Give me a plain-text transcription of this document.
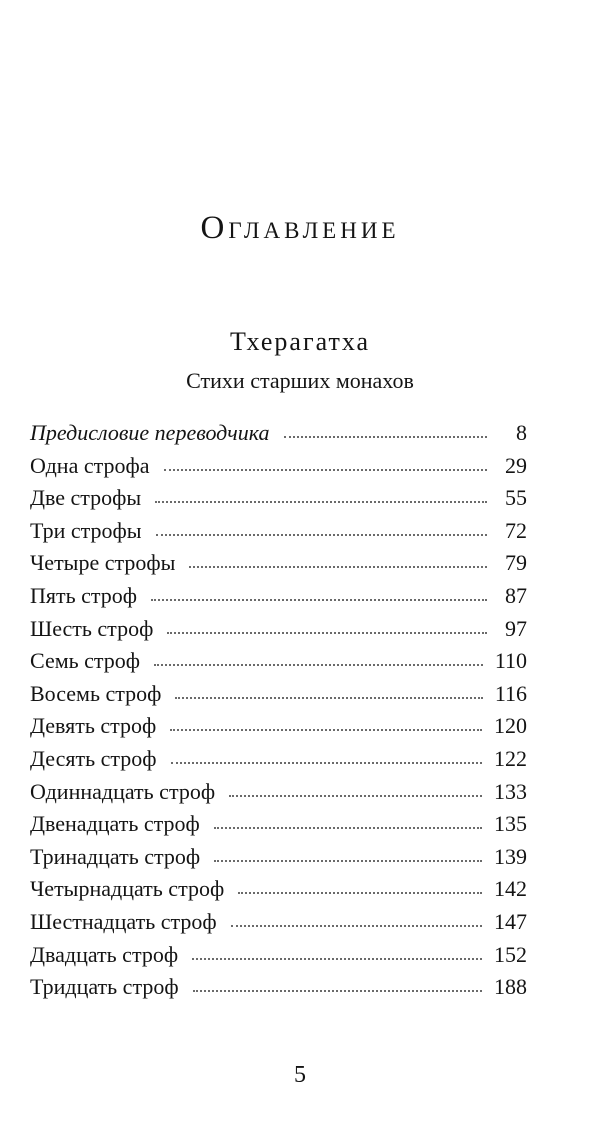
Оглавление
Тхерагатха
Стихи старших монахов
Предисловие переводчика	8
Одна строфа	29
Две строфы	55
Три строфы	72
Четыре строфы	79
Пять строф	87
Шесть строф	97
Семь строф	110
Восемь строф	116
Девять строф	120
Десять строф	122
Одиннадцать строф	133
Двенадцать строф	135
Тринадцать строф	139
Четырнадцать строф	142
Шестнадцать строф	147
Двадцать строф	152
Тридцать строф	188
5
